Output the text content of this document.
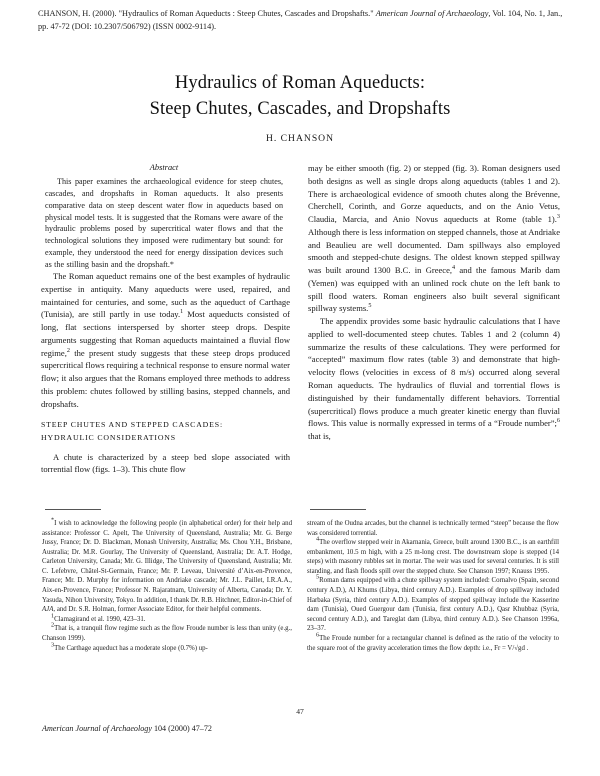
CHANSON, H. (2000). "Hydraulics of Roman Aqueducts : Steep Chutes, Cascades and Dropshafts." American Journal of Archaeology, Vol. 104, No. 1, Jan., pp. 47-72 (DOI: 10.2307/506792) (ISSN 0002-9114).
Hydraulics of Roman Aqueducts:
Steep Chutes, Cascades, and Dropshafts
H. CHANSON
Abstract
This paper examines the archaeological evidence for steep chutes, cascades, and dropshafts in Roman aqueducts. It also presents comparative data on steep descent water flow in aqueducts based on physical model tests. It is suggested that the Romans were aware of the hydraulic problems posed by supercritical water flows and that the technological solutions they imposed were rudimentary but sound: for example, they understood the need for energy dissipation devices such as the stilling basin and the dropshaft.*

The Roman aqueduct remains one of the best examples of hydraulic expertise in antiquity. Many aqueducts were used, repaired, and maintained for centuries, and some, such as the aqueduct of Carthage (Tunisia), are still partly in use today.$^1$ Most aqueducts consisted of long, flat sections interspersed by shorter steep drops. Despite arguments suggesting that Roman aqueducts maintained a fluvial flow regime,$^2$ the present study suggests that these steep drops produced supercritical flows requiring a technical response to ensure normal water flow; it also argues that the Romans employed three methods to address this problem: chutes followed by stilling basins, stepped channels, and dropshafts.

STEEP CHUTES AND STEPPED CASCADES:
HYDRAULIC CONSIDERATIONS

A chute is characterized by a steep bed slope associated with torrential flow (figs. 1–3). This chute flow

may be either smooth (fig. 2) or stepped (fig. 3). Roman designers used both designs as well as single drops along aqueducts (tables 1 and 2). There is archaeological evidence of smooth chutes along the Brévenne, Cherchell, Corinth, and Gorze aqueducts, and on the Anio Vetus, Claudia, Marcia, and Anio Novus aqueducts at Rome (table 1).$^3$ Although there is less information on stepped channels, those at Andriake and Beaulieu are well documented. Dam spillways also employed smooth and stepped-chute designs. The oldest known stepped spillway was built around 1300 B.C. in Greece,$^4$ and the famous Marib dam (Yemen) was equipped with an unlined rock chute on the left bank to spill flood waters. Roman engineers also built several significant spillway systems.$^5$

The appendix provides some basic hydraulic calculations that I have applied to well-documented steep chutes. Tables 1 and 2 (column 4) summarize the results of these calculations. They were performed for “accepted” maximum flow rates (table 3) and demonstrate that high-velocity flows (velocities in excess of 8 m/s) occurred along several Roman aqueducts. The hydraulics of fluvial and torrential flows is distinguished by their fundamentally different behaviors. Torrential (supercritical) flows produce a much greater kinetic energy than fluvial flows. This value is normally expressed in terms of a “Froude number”;$^6$ that is,

*I wish to acknowledge the following people (in alphabetical order) for their help and assistance: Professor C. Apelt, The University of Queensland, Australia; Mr. G. Berge Jussy, France; Dr. D. Blackman, Monash University, Australia; Ms. Chou Y.H., Brisbane, Australia; Dr. M.R. Gourlay, The University of Queensland, Australia; Dr. A.T. Hodge, Carleton University, Canada; Mr. G. Illidge, The University of Queensland, Australia; Mr. C. Lefebvre, Châtel-St-Germain, France; Mr. P. Leveau, Université d’Aix-en-Provence, France; Mr. D. Murphy for information on Andriake cascade; Mr. J.L. Paillet, I.R.A.A., Aix-en-Provence, France; Professor N. Rajaratnam, University of Alberta, Canada; Dr. Y. Yasuda, Nihon University, Tokyo. In addition, I thank Dr. R.B. Hitchner, Editor-in-Chief of AJA, and Dr. S.R. Holman, former Associate Editor, for their helpful comments.

$^1$Clamagirand et al. 1990, 423–31.

$^2$That is, a tranquil flow regime such as the flow Froude number is less than unity (e.g., Chanson 1999).

$^3$The Carthage aqueduct has a moderate slope (0.7%) up-

stream of the Oudna arcades, but the channel is technically termed “steep” because the flow was considered torrential.

$^4$The overflow stepped weir in Akarnania, Greece, built around 1300 B.C., is an earthfill embankment, 10.5 m high, with a 25 m-long crest. The downstream slope is stepped (14 steps) with masonry rubbles set in mortar. The weir was used for several centuries. It is still standing, and flash floods spill over the stepped chute. See Chanson 1997; Knauss 1995.

$^5$Roman dams equipped with a chute spillway system included: Cornalvo (Spain, second century A.D.), Al Khums (Libya, third century A.D.). Examples of drop spillway included Harbaka (Syria, third century A.D.). Examples of stepped spillway include the Kasserine dam (Tunisia), Oued Guergour dam (Tunisia, first century A.D.), Qasr Khubbaz (Syria, second century A.D.), and Tareglat dam (Libya, third century A.D.). See Chanson 1996a, 23–37.

$^6$The Froude number for a rectangular channel is defined as the ratio of the velocity to the square root of the gravity acceleration times the flow depth: i.e., Fr = V/√gd .

American Journal of Archaeology 104 (2000) 47–72
47
